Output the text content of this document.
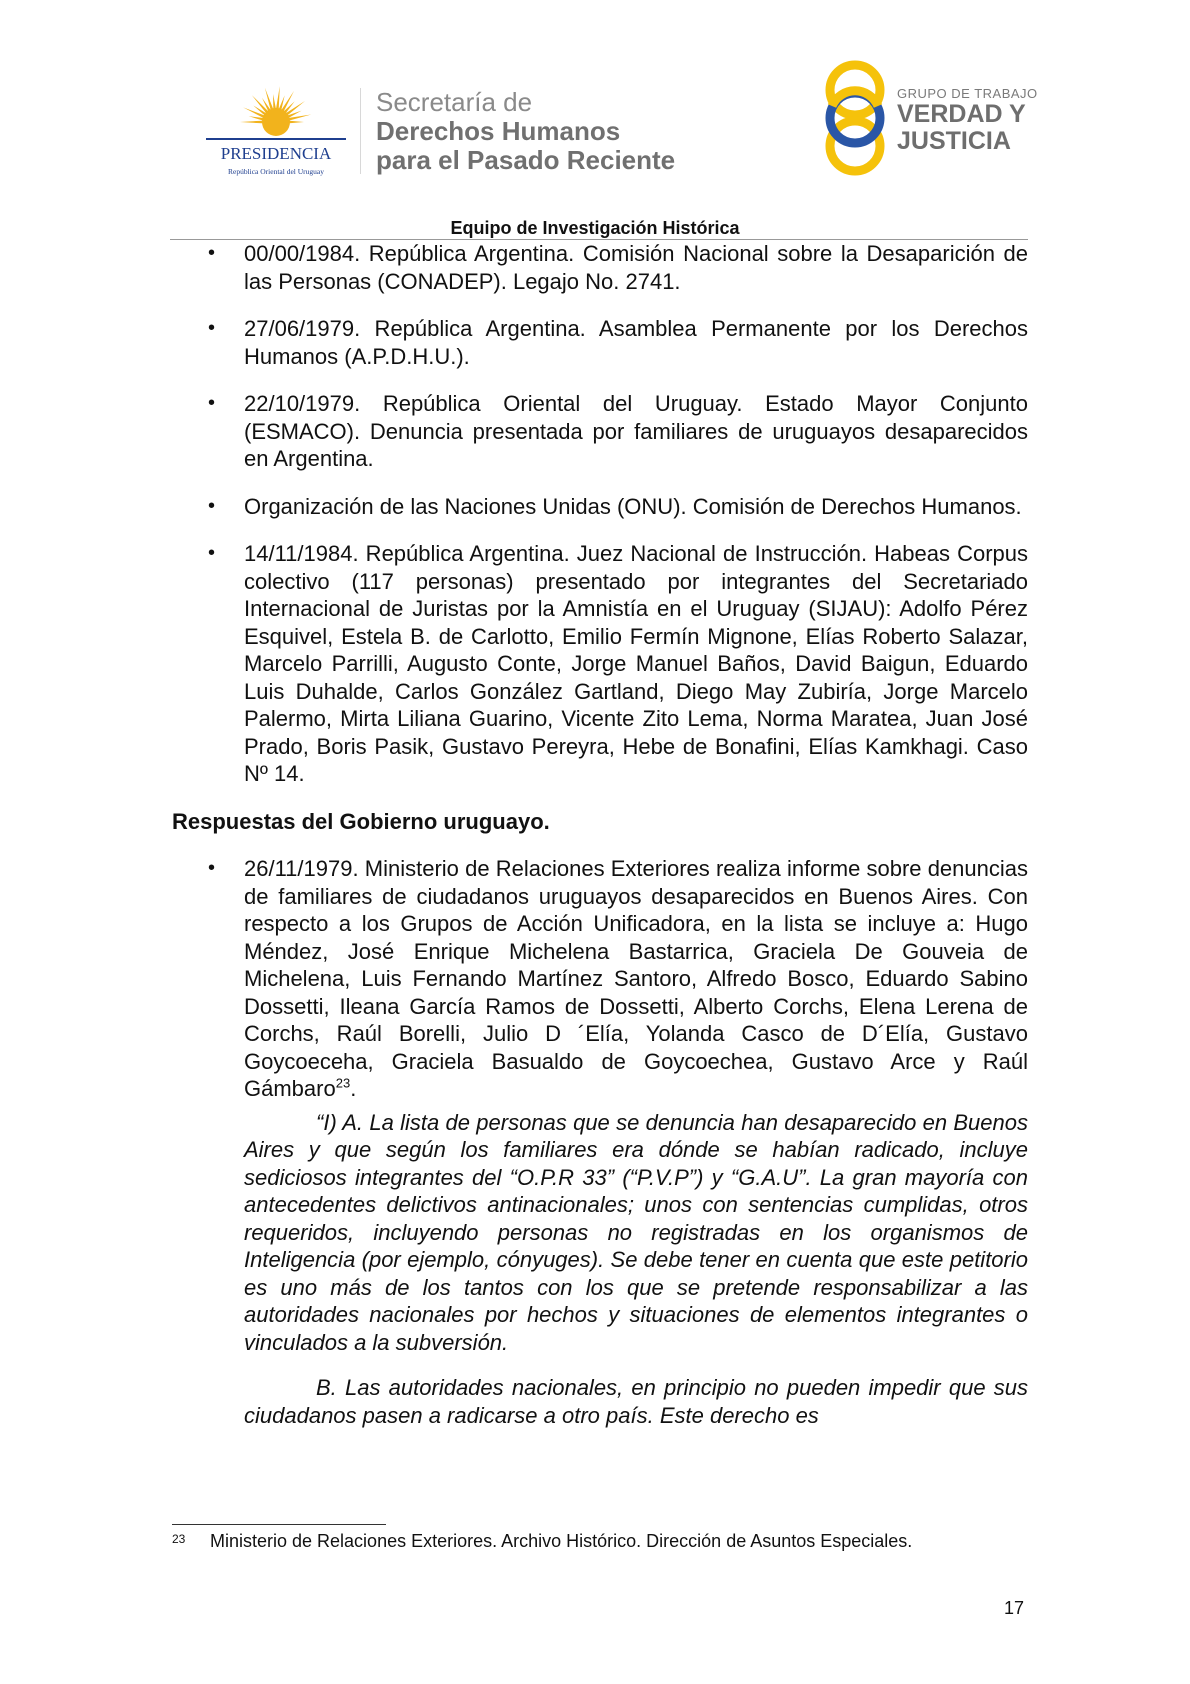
PRESIDENCIA
República Oriental del Uruguay
Secretaría de
Derechos Humanos
para el Pasado Reciente
GRUPO DE TRABAJO
VERDAD Y
JUSTICIA
Equipo de Investigación Histórica
• 00/00/1984. República Argentina. Comisión Nacional sobre la Desaparición de las Personas (CONADEP). Legajo No. 2741.
• 27/06/1979. República Argentina. Asamblea Permanente por los Derechos Humanos (A.P.D.H.U.).
• 22/10/1979. República Oriental del Uruguay. Estado Mayor Conjunto (ESMACO). Denuncia presentada por familiares de uruguayos desaparecidos en Argentina.
• Organización de las Naciones Unidas (ONU). Comisión de Derechos Humanos.
• 14/11/1984. República Argentina. Juez Nacional de Instrucción. Habeas Corpus colectivo (117 personas) presentado por integrantes del Secretariado Internacional de Juristas por la Amnistía en el Uruguay (SIJAU): Adolfo Pérez Esquivel, Estela B. de Carlotto, Emilio Fermín Mignone, Elías Roberto Salazar, Marcelo Parrilli, Augusto Conte, Jorge Manuel Baños, David Baigun, Eduardo Luis Duhalde, Carlos González Gartland, Diego May Zubiría, Jorge Marcelo Palermo, Mirta Liliana Guarino, Vicente Zito Lema, Norma Maratea, Juan José Prado, Boris Pasik, Gustavo Pereyra, Hebe de Bonafini, Elías Kamkhagi. Caso Nº 14.
Respuestas del Gobierno uruguayo.
• 26/11/1979. Ministerio de Relaciones Exteriores realiza informe sobre denuncias de familiares de ciudadanos uruguayos desaparecidos en Buenos Aires. Con respecto a los Grupos de Acción Unificadora, en la lista se incluye a: Hugo Méndez, José Enrique Michelena Bastarrica, Graciela De Gouveia de Michelena, Luis Fernando Martínez Santoro, Alfredo Bosco, Eduardo Sabino Dossetti, Ileana García Ramos de Dossetti, Alberto Corchs, Elena Lerena de Corchs, Raúl Borelli, Julio D ´Elía, Yolanda Casco de D´Elía, Gustavo Goycoeceha, Graciela Basualdo de Goycoechea, Gustavo Arce y Raúl Gámbaro$^{23}$.

“I) A. La lista de personas que se denuncia han desaparecido en Buenos Aires y que según los familiares era dónde se habían radicado, incluye sediciosos integrantes del “O.P.R 33” (“P.V.P”) y “G.A.U”. La gran mayoría con antecedentes delictivos antinacionales; unos con sentencias cumplidas, otros requeridos, incluyendo personas no registradas en los organismos de Inteligencia (por ejemplo, cónyuges). Se debe tener en cuenta que este petitorio es uno más de los tantos con los que se pretende responsabilizar a las autoridades nacionales por hechos y situaciones de elementos integrantes o vinculados a la subversión.

B. Las autoridades nacionales, en principio no pueden impedir que sus ciudadanos pasen a radicarse a otro país. Este derecho es

23 Ministerio de Relaciones Exteriores. Archivo Histórico. Dirección de Asuntos Especiales.
17
